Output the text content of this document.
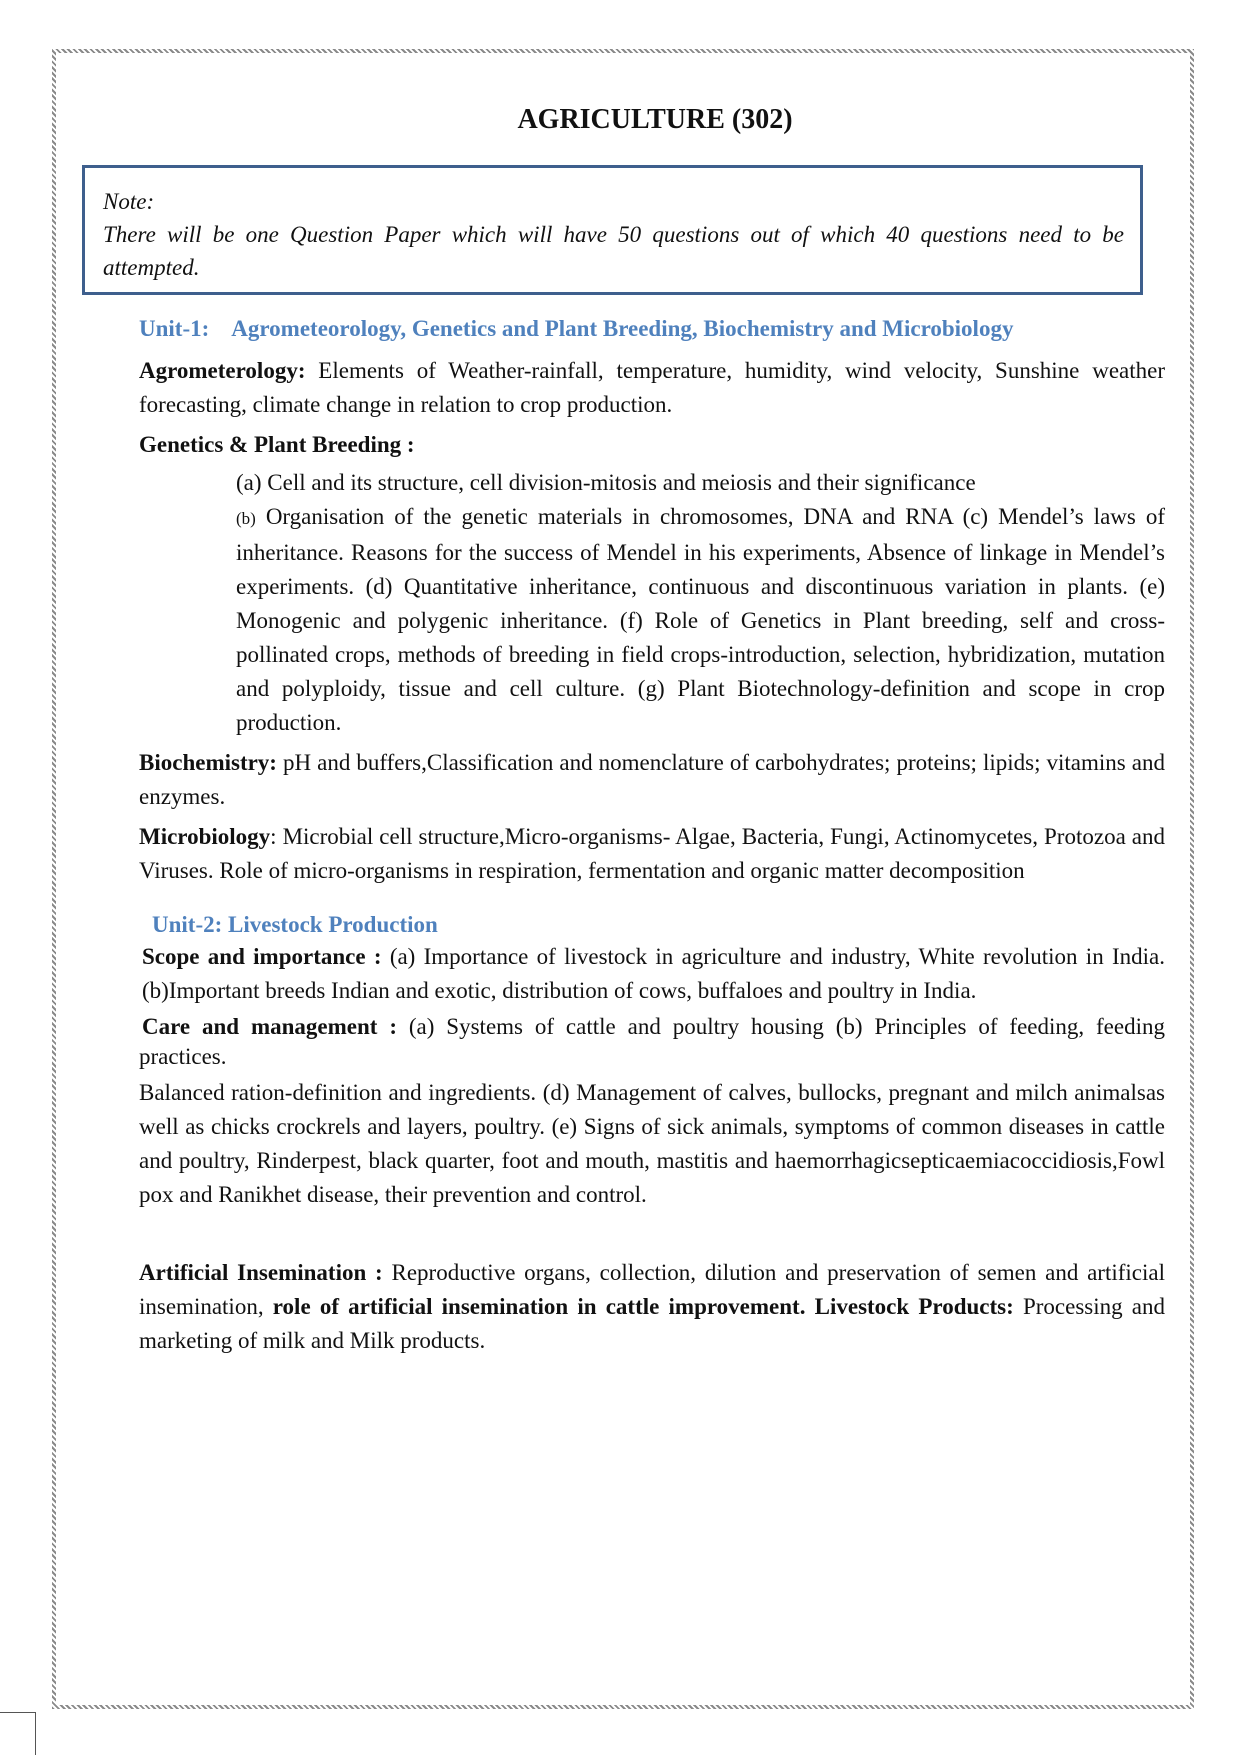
AGRICULTURE (302)

Note:

There will be one Question Paper which will have 50 questions out of which 40 questions need to be attempted.

Unit-1: Agrometeorology, Genetics and Plant Breeding, Biochemistry and Microbiology

Agrometerology: Elements of Weather-rainfall, temperature, humidity, wind velocity, Sunshine weather forecasting, climate change in relation to crop production.

Genetics & Plant Breeding :

(a) Cell and its structure, cell division-mitosis and meiosis and their significance

(b) Organisation of the genetic materials in chromosomes, DNA and RNA (c) Mendel’s laws of inheritance. Reasons for the success of Mendel in his experiments, Absence of linkage in Mendel’s experiments. (d) Quantitative inheritance, continuous and discontinuous variation in plants. (e) Monogenic and polygenic inheritance. (f) Role of Genetics in Plant breeding, self and cross-pollinated crops, methods of breeding in field crops-introduction, selection, hybridization, mutation and polyploidy, tissue and cell culture. (g) Plant Biotechnology-definition and scope in crop production.

Biochemistry: pH and buffers,Classification and nomenclature of carbohydrates; proteins; lipids; vitamins and enzymes.

Microbiology: Microbial cell structure,Micro-organisms- Algae, Bacteria, Fungi, Actinomycetes, Protozoa and Viruses. Role of micro-organisms in respiration, fermentation and organic matter decomposition

Unit-2: Livestock Production

Scope and importance : (a) Importance of livestock in agriculture and industry, White revolution in India. (b)Important breeds Indian and exotic, distribution of cows, buffaloes and poultry in India.

Care and management : (a) Systems of cattle and poultry housing (b) Principles of feeding, feeding practices.

Balanced ration-definition and ingredients. (d) Management of calves, bullocks, pregnant and milch animalsas well as chicks crockrels and layers, poultry. (e) Signs of sick animals, symptoms of common diseases in cattle and poultry, Rinderpest, black quarter, foot and mouth, mastitis and haemorrhagicsepticaemiacoccidiosis,Fowl pox and Ranikhet disease, their prevention and control.

Artificial Insemination : Reproductive organs, collection, dilution and preservation of semen and artificial insemination, role of artificial insemination in cattle improvement. Livestock Products: Processing and marketing of milk and Milk products.
